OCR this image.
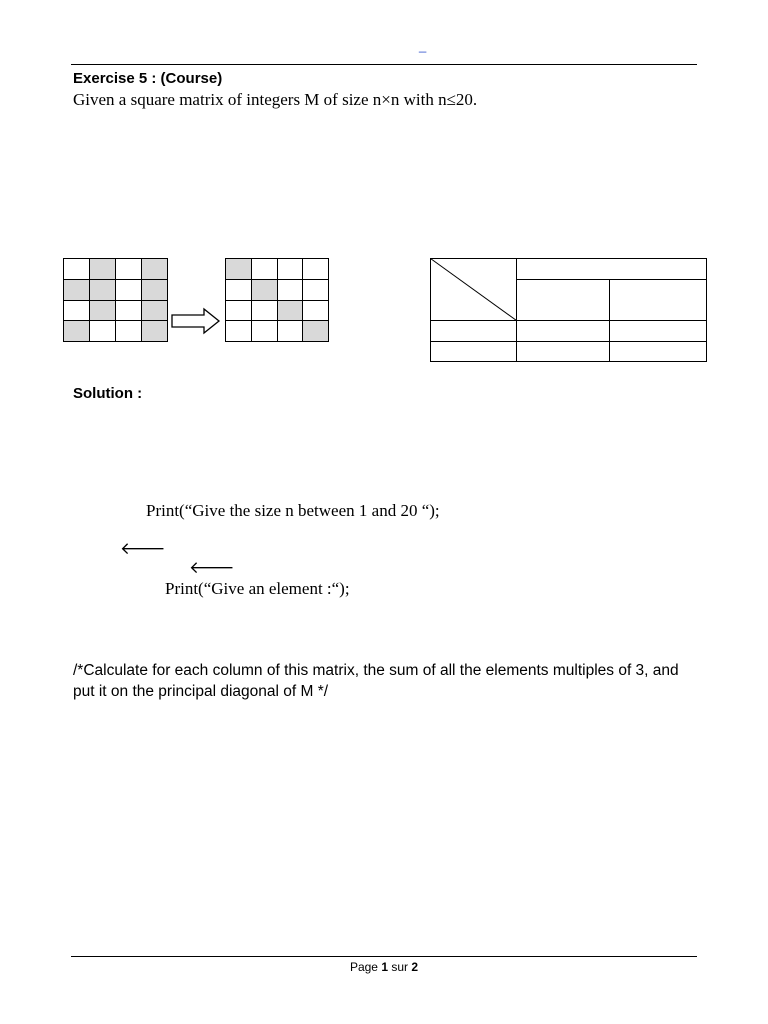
_
Exercise 5 : (Course)
Given a square matrix of integers M of size n×n with n≤20.

Solution :
Print(“Give the size n between 1 and 20 “);
🡐
🡐
Print(“Give an element :“);
/*Calculate for each column of this matrix, the sum of all the elements multiples of 3, and put it on the principal diagonal of M */
Page 1 sur 2
